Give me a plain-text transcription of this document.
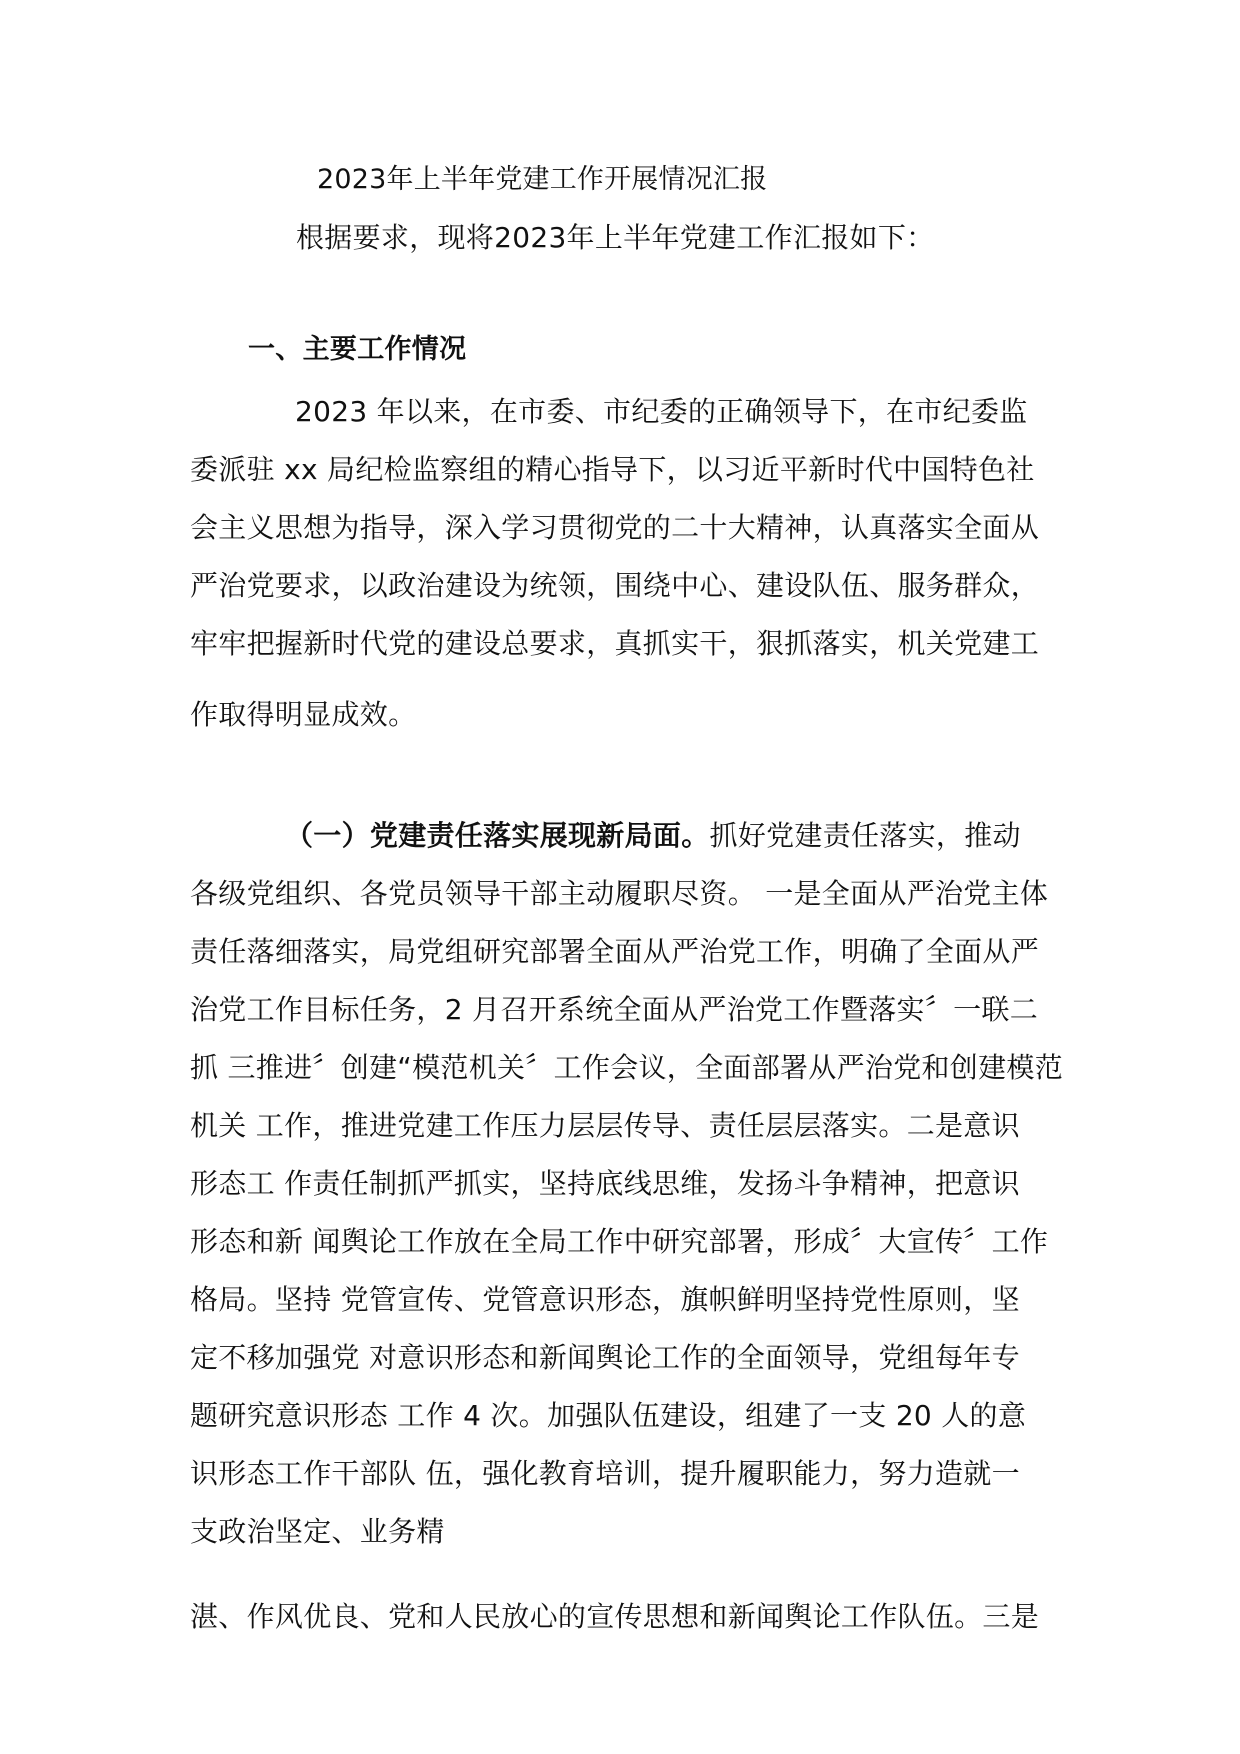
2023年上半年党建工作开展情况汇报
根据要求，现将2023年上半年党建工作汇报如下：
一、主要工作情况
2023 年以来，在市委、市纪委的正确领导下，在市纪委监
委派驻 xx 局纪检监察组的精心指导下，以习近平新时代中国特色社
会主义思想为指导，深入学习贯彻党的二十大精神，认真落实全面从
严治党要求，以政治建设为统领，围绕中心、建设队伍、服务群众，
牢牢把握新时代党的建设总要求，真抓实干，狠抓落实，机关党建工
作取得明显成效。
（一）党建责任落实展现新局面。抓好党建责任落实，推动
各级党组织、各党员领导干部主动履职尽资。 一是全面从严治党主体
责任落细落实，局党组研究部署全面从严治党工作，明确了全面从严
治党工作目标任务，2 月召开系统全面从严治党工作暨落实〞一联二
抓 三推进〞创建“模范机关〞工作会议，全面部署从严治党和创建模范
机关 工作，推进党建工作压力层层传导、责任层层落实。二是意识
形态工 作责任制抓严抓实，坚持底线思维，发扬斗争精神，把意识
形态和新 闻舆论工作放在全局工作中研究部署，形成〞大宣传〞工作
格局。坚持 党管宣传、党管意识形态，旗帜鲜明坚持党性原则，坚
定不移加强党 对意识形态和新闻舆论工作的全面领导，党组每年专
题研究意识形态 工作 4 次。加强队伍建设，组建了一支 20 人的意
识形态工作干部队 伍，强化教育培训，提升履职能力，努力造就一
支政治坚定、业务精
湛、作风优良、党和人民放心的宣传思想和新闻舆论工作队伍。三是
